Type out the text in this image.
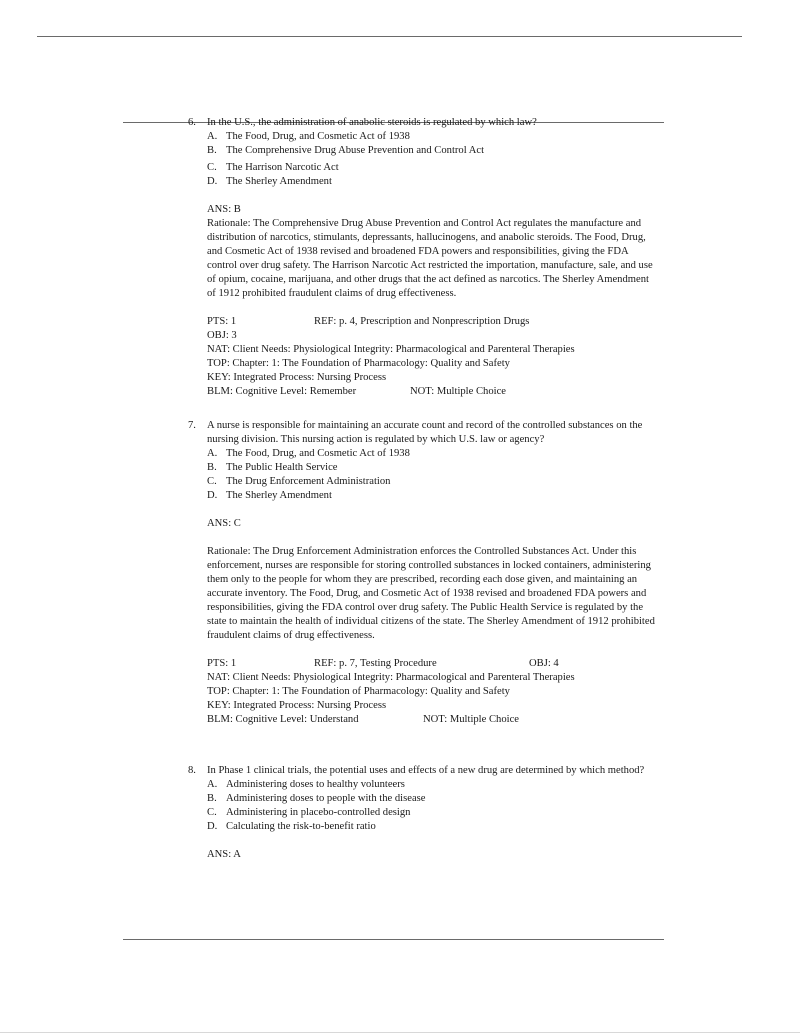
6. In the U.S., the administration of anabolic steroids is regulated by which law?
A. The Food, Drug, and Cosmetic Act of 1938
B. The Comprehensive Drug Abuse Prevention and Control Act
C. The Harrison Narcotic Act
D. The Sherley Amendment
ANS: B
Rationale: The Comprehensive Drug Abuse Prevention and Control Act regulates the manufacture and distribution of narcotics, stimulants, depressants, hallucinogens, and anabolic steroids. The Food, Drug, and Cosmetic Act of 1938 revised and broadened FDA powers and responsibilities, giving the FDA control over drug safety. The Harrison Narcotic Act restricted the importation, manufacture, sale, and use of opium, cocaine, marijuana, and other drugs that the act defined as narcotics. The Sherley Amendment of 1912 prohibited fraudulent claims of drug effectiveness.
PTS: 1	REF: p. 4, Prescription and Nonprescription Drugs
OBJ: 3
NAT: Client Needs: Physiological Integrity: Pharmacological and Parenteral Therapies
TOP: Chapter: 1: The Foundation of Pharmacology: Quality and Safety
KEY: Integrated Process: Nursing Process
BLM: Cognitive Level: Remember	NOT: Multiple Choice
7. A nurse is responsible for maintaining an accurate count and record of the controlled substances on the nursing division. This nursing action is regulated by which U.S. law or agency?
A. The Food, Drug, and Cosmetic Act of 1938
B. The Public Health Service
C. The Drug Enforcement Administration
D. The Sherley Amendment
ANS: C
Rationale: The Drug Enforcement Administration enforces the Controlled Substances Act. Under this enforcement, nurses are responsible for storing controlled substances in locked containers, administering them only to the people for whom they are prescribed, recording each dose given, and maintaining an accurate inventory. The Food, Drug, and Cosmetic Act of 1938 revised and broadened FDA powers and responsibilities, giving the FDA control over drug safety. The Public Health Service is regulated by the state to maintain the health of individual citizens of the state. The Sherley Amendment of 1912 prohibited fraudulent claims of drug effectiveness.
PTS: 1	REF: p. 7, Testing Procedure	OBJ: 4
NAT: Client Needs: Physiological Integrity: Pharmacological and Parenteral Therapies
TOP: Chapter: 1: The Foundation of Pharmacology: Quality and Safety
KEY: Integrated Process: Nursing Process
BLM: Cognitive Level: Understand	NOT: Multiple Choice
8. In Phase 1 clinical trials, the potential uses and effects of a new drug are determined by which method?
A. Administering doses to healthy volunteers
B. Administering doses to people with the disease
C. Administering in placebo-controlled design
D. Calculating the risk-to-benefit ratio
ANS: A
